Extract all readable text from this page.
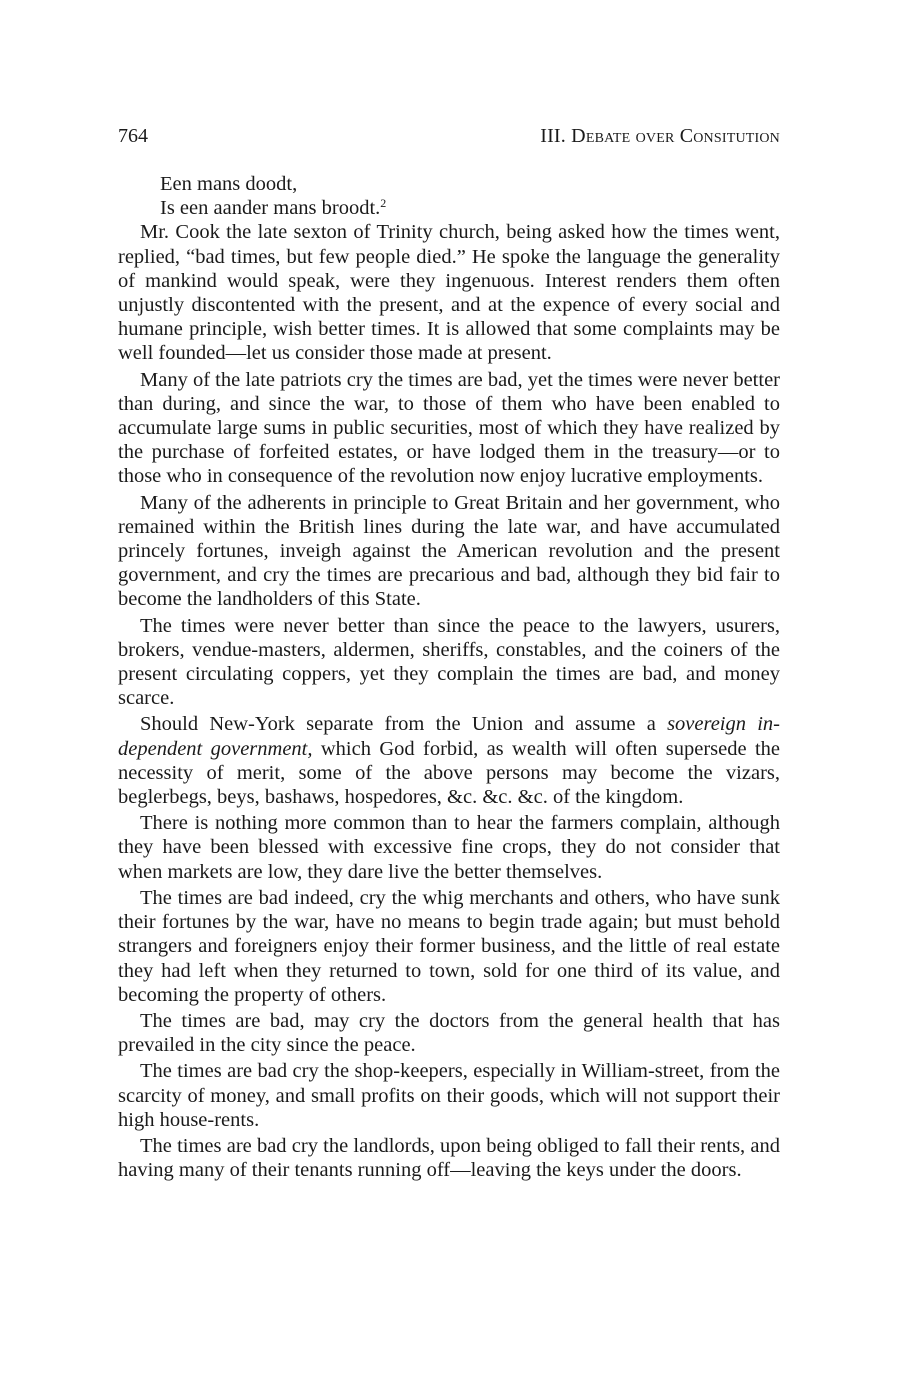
764	III. Debate over Consitution
Een mans doodt,
Is een aander mans broodt.$^2$

Mr. Cook the late sexton of Trinity church, being asked how the times went, replied, “bad times, but few people died.” He spoke the language the generality of mankind would speak, were they ingenuous. Interest renders them often unjustly discontented with the present, and at the expence of every social and humane principle, wish better times. It is allowed that some complaints may be well founded—let us consider those made at present.

Many of the late patriots cry the times are bad, yet the times were never better than during, and since the war, to those of them who have been enabled to accumulate large sums in public securities, most of which they have realized by the purchase of forfeited estates, or have lodged them in the treasury—or to those who in consequence of the revolution now enjoy lucrative employments.

Many of the adherents in principle to Great Britain and her government, who remained within the British lines during the late war, and have accumulated princely fortunes, inveigh against the American revolution and the present government, and cry the times are precarious and bad, although they bid fair to become the landholders of this State.

The times were never better than since the peace to the lawyers, usurers, brokers, vendue-masters, aldermen, sheriffs, constables, and the coiners of the present circulating coppers, yet they complain the times are bad, and money scarce.

Should New-York separate from the Union and assume a sovereign independent government, which God forbid, as wealth will often supersede the necessity of merit, some of the above persons may become the vizars, beglerbegs, beys, bashaws, hospedores, &c. &c. &c. of the kingdom.

There is nothing more common than to hear the farmers complain, although they have been blessed with excessive fine crops, they do not consider that when markets are low, they dare live the better themselves.

The times are bad indeed, cry the whig merchants and others, who have sunk their fortunes by the war, have no means to begin trade again; but must behold strangers and foreigners enjoy their former business, and the little of real estate they had left when they returned to town, sold for one third of its value, and becoming the property of others.

The times are bad, may cry the doctors from the general health that has prevailed in the city since the peace.

The times are bad cry the shop-keepers, especially in William-street, from the scarcity of money, and small profits on their goods, which will not support their high house-rents.

The times are bad cry the landlords, upon being obliged to fall their rents, and having many of their tenants running off—leaving the keys under the doors.
